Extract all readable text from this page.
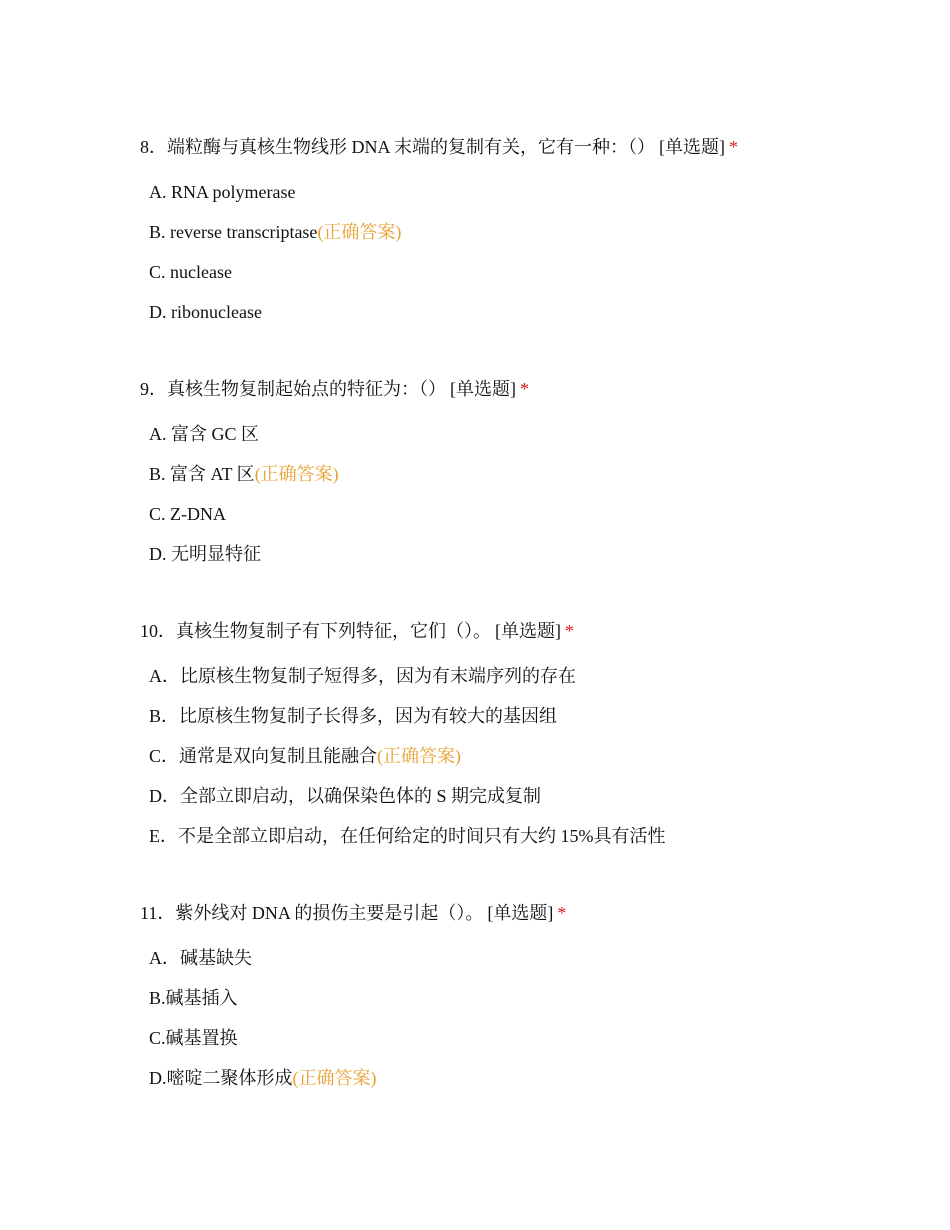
8．端粒酶与真核生物线形 DNA 末端的复制有关，它有一种：（） [单选题] *
A. RNA polymerase
B. reverse transcriptase(正确答案)
C. nuclease
D. ribonuclease
9．真核生物复制起始点的特征为：（） [单选题] *
A. 富含 GC 区
B. 富含 AT 区(正确答案)
C. Z-DNA
D. 无明显特征
10．真核生物复制子有下列特征，它们（）。 [单选题] *
A．比原核生物复制子短得多，因为有末端序列的存在
B．比原核生物复制子长得多，因为有较大的基因组
C．通常是双向复制且能融合(正确答案)
D．全部立即启动，以确保染色体的 S 期完成复制
E．不是全部立即启动，在任何给定的时间只有大约 15%具有活性
11．紫外线对 DNA 的损伤主要是引起（）。 [单选题] *
A．碱基缺失
B.碱基插入
C.碱基置换
D.嘧啶二聚体形成(正确答案)
